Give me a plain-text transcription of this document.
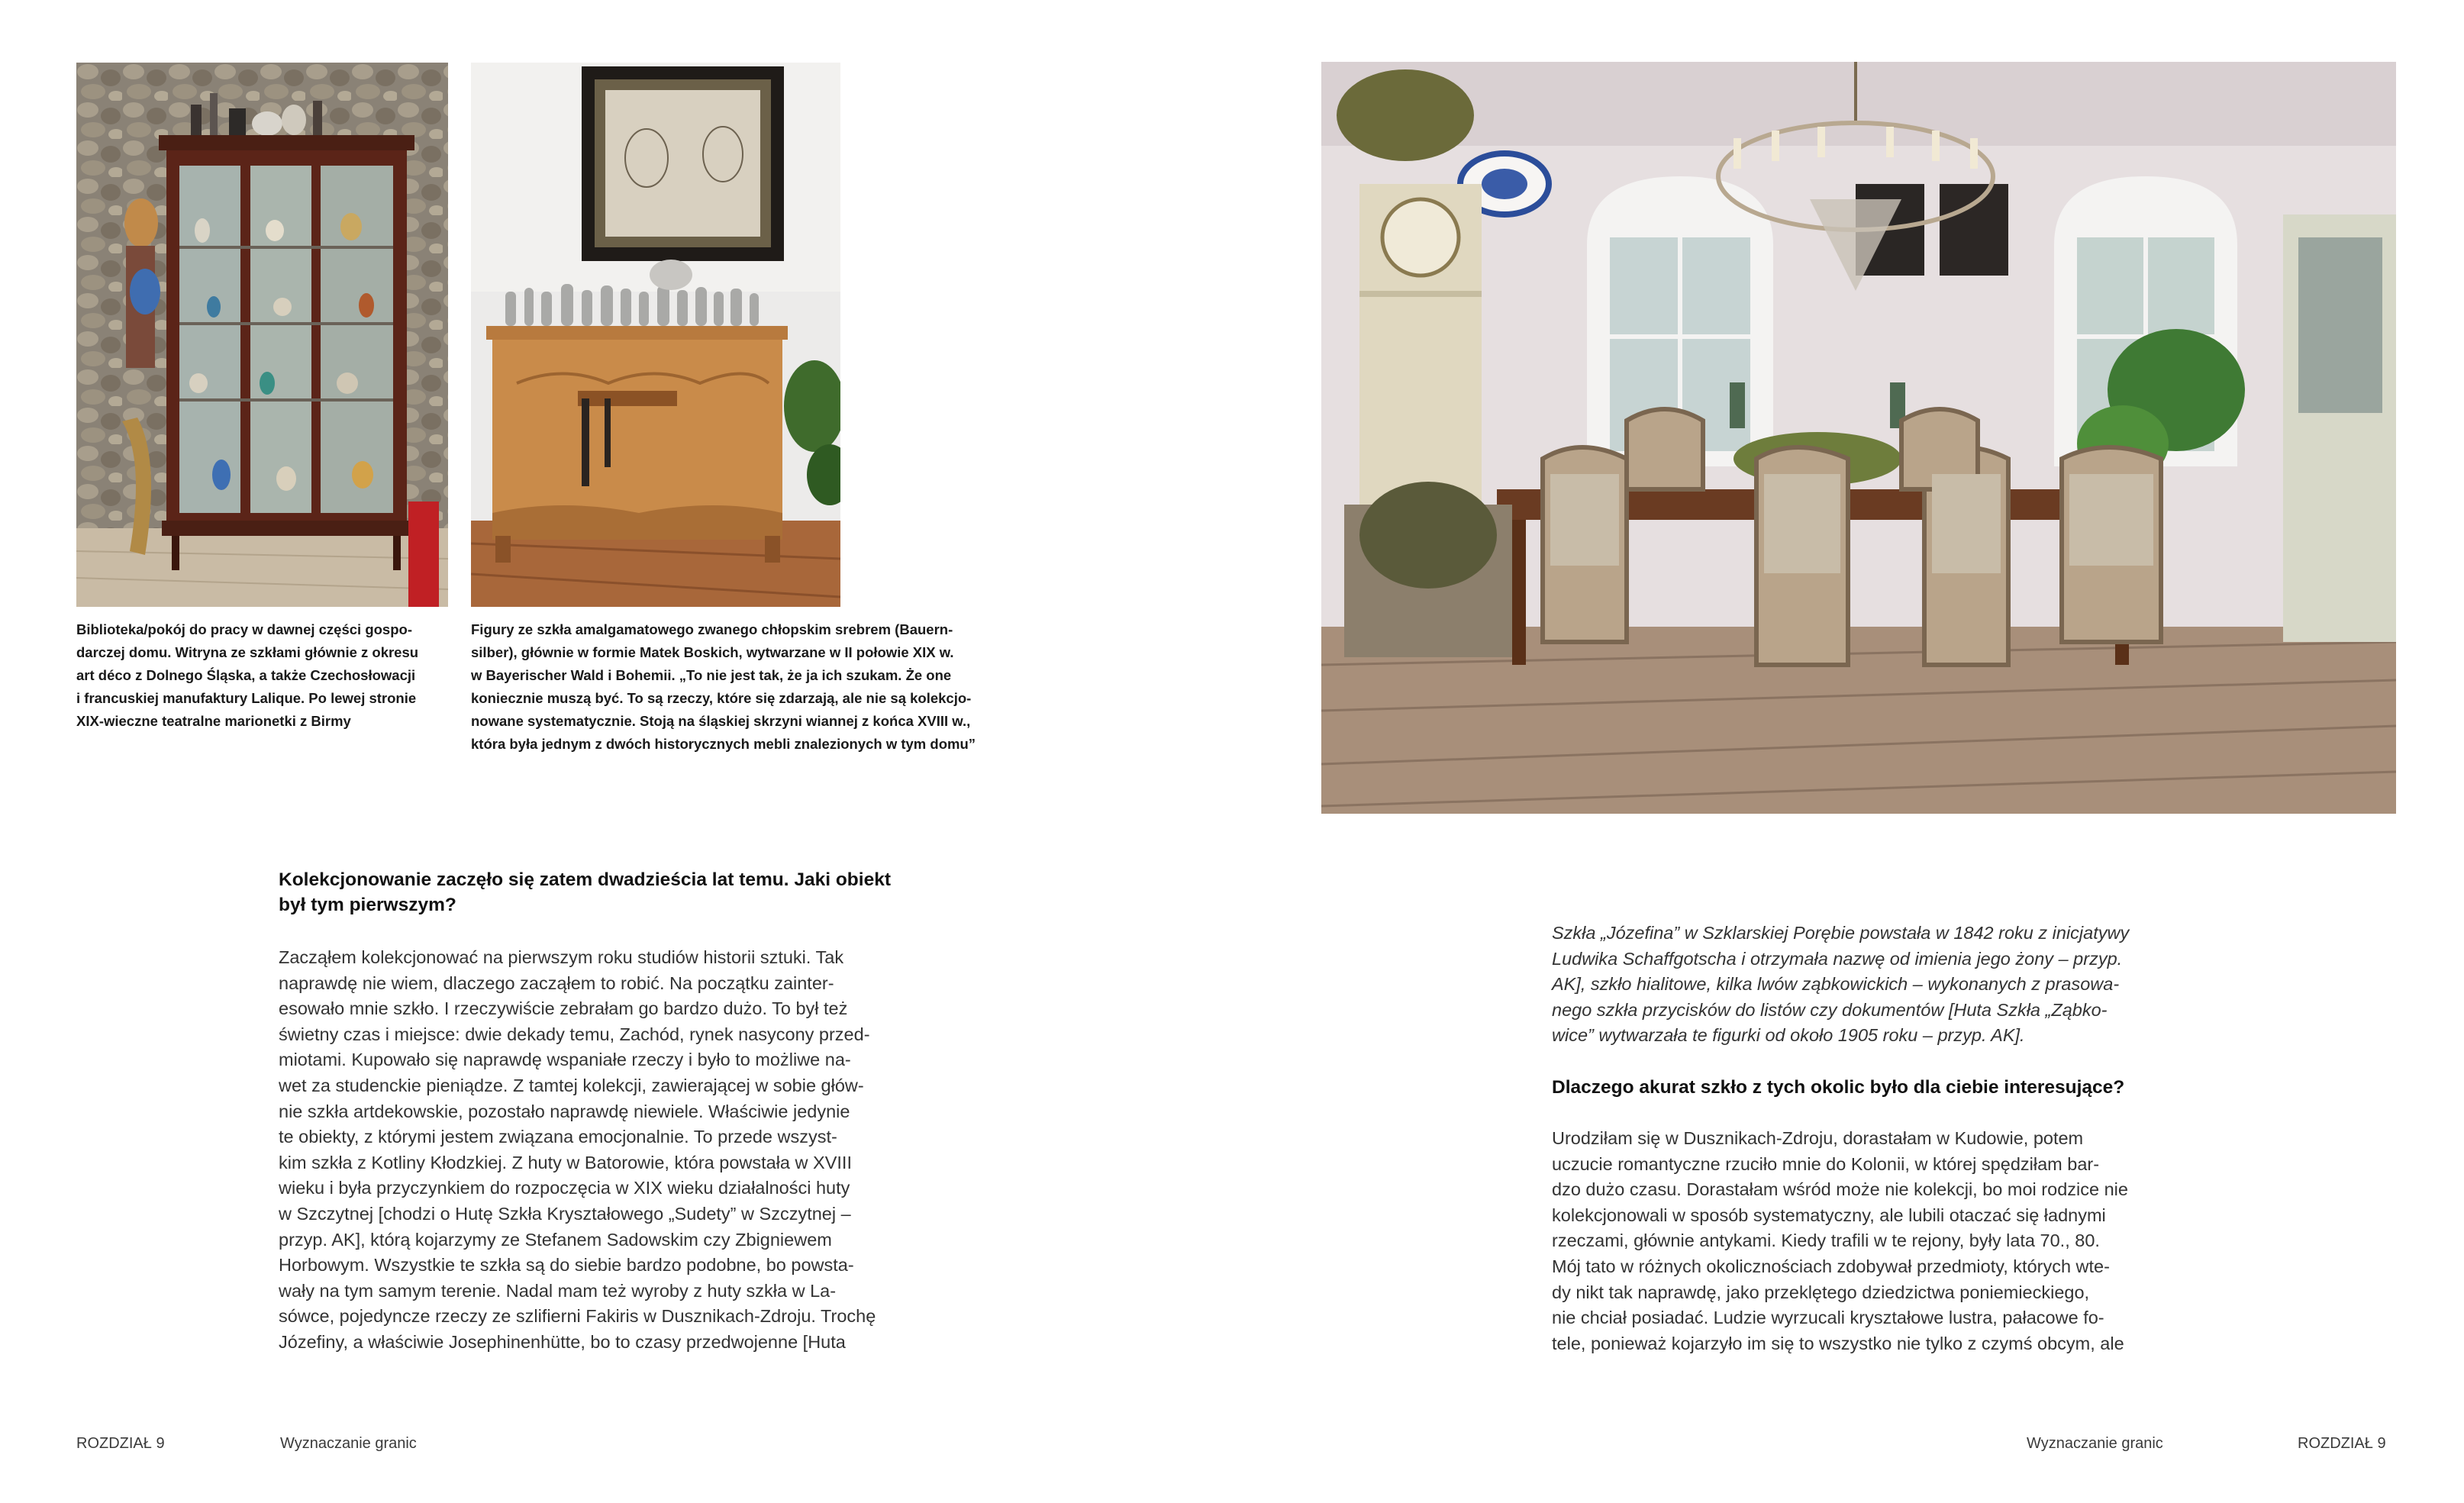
Biblioteka/pokój do pracy w dawnej części gospo-

darczej domu. Witryna ze szkłami głównie z okresu

art déco z Dolnego Śląska, a także Czechosłowacji

i francuskiej manufaktury Lalique. Po lewej stronie

XIX-wieczne teatralne marionetki z Birmy

Figury ze szkła amalgamatowego zwanego chłopskim srebrem (Bauern-

silber), głównie w formie Matek Boskich, wytwarzane w II połowie XIX w.

w Bayerischer Wald i Bohemii. „To nie jest tak, że ja ich szukam. Że one

koniecznie muszą być. To są rzeczy, które się zdarzają, ale nie są kolekcjo-

nowane systematycznie. Stoją na śląskiej skrzyni wiannej z końca XVIII w.,

która była jednym z dwóch historycznych mebli znalezionych w tym domu”

Kolekcjonowanie zaczęło się zatem dwadzieścia lat temu. Jaki obiekt

był tym pierwszym?

Zacząłem kolekcjonować na pierwszym roku studiów historii sztuki. Tak

naprawdę nie wiem, dlaczego zacząłem to robić. Na początku zainter-

esowało mnie szkło. I rzeczywiście zebrałam go bardzo dużo. To był też

świetny czas i miejsce: dwie dekady temu, Zachód, rynek nasycony przed-

miotami. Kupowało się naprawdę wspaniałe rzeczy i było to możliwe na-

wet za studenckie pieniądze. Z tamtej kolekcji, zawierającej w sobie głów-

nie szkła artdekowskie, pozostało naprawdę niewiele. Właściwie jedynie

te obiekty, z którymi jestem związana emocjonalnie. To przede wszyst-

kim szkła z Kotliny Kłodzkiej. Z huty w Batorowie, która powstała w XVIII

wieku i była przyczynkiem do rozpoczęcia w XIX wieku działalności huty

w Szczytnej [chodzi o Hutę Szkła Kryształowego „Sudety” w Szczytnej –

przyp. AK], którą kojarzymy ze Stefanem Sadowskim czy Zbigniewem

Horbowym. Wszystkie te szkła są do siebie bardzo podobne, bo powsta-

wały na tym samym terenie. Nadal mam też wyroby z huty szkła w La-

sówce, pojedyncze rzeczy ze szlifierni Fakiris w Dusznikach-Zdroju. Trochę

Józefiny, a właściwie Josephinenhütte, bo to czasy przedwojenne [Huta

Szkła „Józefina” w Szklarskiej Porębie powstała w 1842 roku z inicjatywy

Ludwika Schaffgotscha i otrzymała nazwę od imienia jego żony – przyp.

AK], szkło hialitowe, kilka lwów ząbkowickich – wykonanych z prasowa-

nego szkła przycisków do listów czy dokumentów [Huta Szkła „Ząbko-

wice” wytwarzała te figurki od około 1905 roku – przyp. AK].

Dlaczego akurat szkło z tych okolic było dla ciebie interesujące?

Urodziłam się w Dusznikach-Zdroju, dorastałam w Kudowie, potem

uczucie romantyczne rzuciło mnie do Kolonii, w której spędziłam bar-

dzo dużo czasu. Dorastałam wśród może nie kolekcji, bo moi rodzice nie

kolekcjonowali w sposób systematyczny, ale lubili otaczać się ładnymi

rzeczami, głównie antykami. Kiedy trafili w te rejony, były lata 70., 80.

Mój tato w różnych okolicznościach zdobywał przedmioty, których wte-

dy nikt tak naprawdę, jako przeklętego dziedzictwa poniemieckiego,

nie chciał posiadać. Ludzie wyrzucali kryształowe lustra, pałacowe fo-

tele, ponieważ kojarzyło im się to wszystko nie tylko z czymś obcym, ale

ROZDZIAŁ 9	Wyznaczanie granic	Wyznaczanie granic	ROZDZIAŁ 9
